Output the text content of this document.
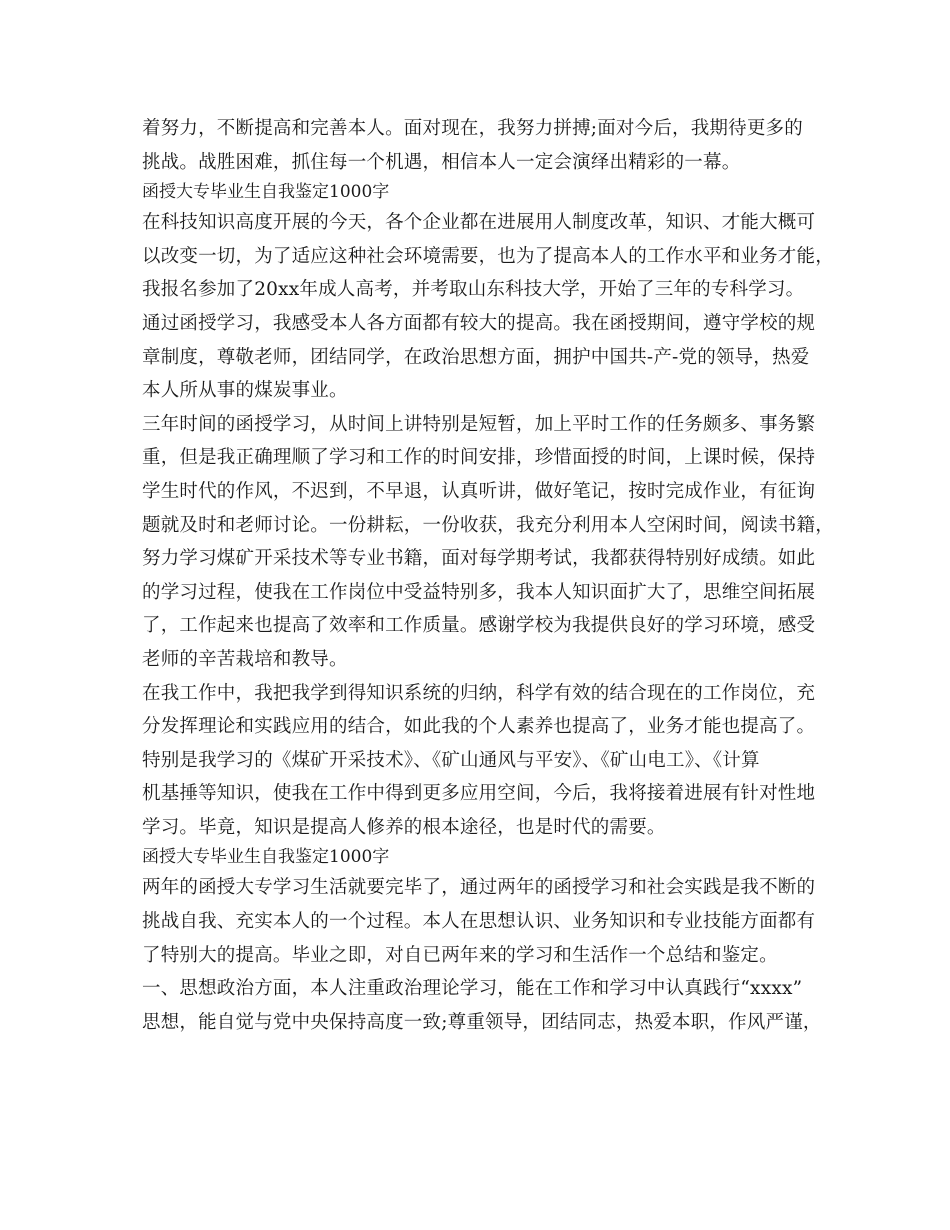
着努力，不断提高和完善本人。面对现在，我努力拼搏;面对今后，我期待更多的
挑战。战胜困难，抓住每一个机遇，相信本人一定会演绎出精彩的一幕。
函授大专毕业生自我鉴定1000字
在科技知识高度开展的今天，各个企业都在进展用人制度改革，知识、才能大概可
以改变一切，为了适应这种社会环境需要，也为了提高本人的工作水平和业务才能，
我报名参加了20xx年成人高考，并考取山东科技大学，开始了三年的专科学习。
通过函授学习，我感受本人各方面都有较大的提高。我在函授期间，遵守学校的规
章制度，尊敬老师，团结同学，在政治思想方面，拥护中国共-产-党的领导，热爱
本人所从事的煤炭事业。
三年时间的函授学习，从时间上讲特别是短暂，加上平时工作的任务颇多、事务繁
重，但是我正确理顺了学习和工作的时间安排，珍惜面授的时间，上课时候，保持
学生时代的作风，不迟到，不早退，认真听讲，做好笔记，按时完成作业，有征询
题就及时和老师讨论。一份耕耘，一份收获，我充分利用本人空闲时间，阅读书籍，
努力学习煤矿开采技术等专业书籍，面对每学期考试，我都获得特别好成绩。如此
的学习过程，使我在工作岗位中受益特别多，我本人知识面扩大了，思维空间拓展
了，工作起来也提高了效率和工作质量。感谢学校为我提供良好的学习环境，感受
老师的辛苦栽培和教导。
在我工作中，我把我学到得知识系统的归纳，科学有效的结合现在的工作岗位，充
分发挥理论和实践应用的结合，如此我的个人素养也提高了，业务才能也提高了。
特别是我学习的《煤矿开采技术》、《矿山通风与平安》、《矿山电工》、《计算
机基捶等知识，使我在工作中得到更多应用空间，今后，我将接着进展有针对性地
学习。毕竟，知识是提高人修养的根本途径，也是时代的需要。
函授大专毕业生自我鉴定1000字
两年的函授大专学习生活就要完毕了，通过两年的函授学习和社会实践是我不断的
挑战自我、充实本人的一个过程。本人在思想认识、业务知识和专业技能方面都有
了特别大的提高。毕业之即，对自已两年来的学习和生活作一个总结和鉴定。
一、思想政治方面，本人注重政治理论学习，能在工作和学习中认真践行“xxxx”
思想，能自觉与党中央保持高度一致;尊重领导，团结同志，热爱本职，作风严谨，
